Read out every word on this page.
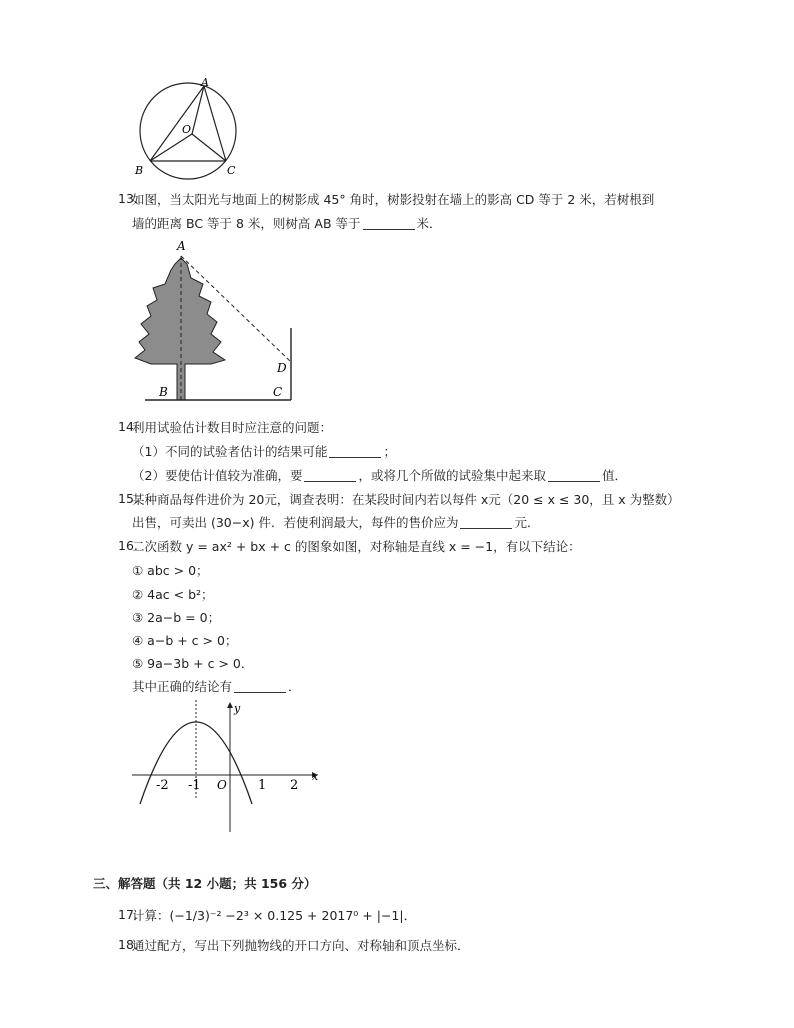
A
O
B	C
13.
如图，当太阳光与地面上的树影成 45° 角时，树影投射在墙上的影高 CD 等于 2 米，若树根到
墙的距离 BC 等于 8 米，则树高 AB 等于	米．
A
B	C
D
14.
利用试验估计数目时应注意的问题：
（1）不同的试验者估计的结果可能	；
（2）要使估计值较为准确，要	，或将几个所做的试验集中起来取	值．
15.
某种商品每件进价为 20元，调查表明：在某段时间内若以每件 x元（20 ≤ x ≤ 30，且 x 为整数）
出售，可卖出 (30−x) 件．若使利润最大，每件的售价应为	元．
16.
二次函数 y = ax² + bx + c 的图象如图，对称轴是直线 x = −1，有以下结论：
① abc > 0；
② 4ac < b²；
③ 2a−b = 0；
④ a−b + c > 0；
⑤ 9a−3b + c > 0．
其中正确的结论有	．
x
y
O
-2 -1	1 2
三、解答题（共 12 小题；共 156 分）
17.
计算：(−1/3)⁻² −2³ × 0.125 + 2017⁰ + |−1|．
18.
通过配方，写出下列抛物线的开口方向、对称轴和顶点坐标．
